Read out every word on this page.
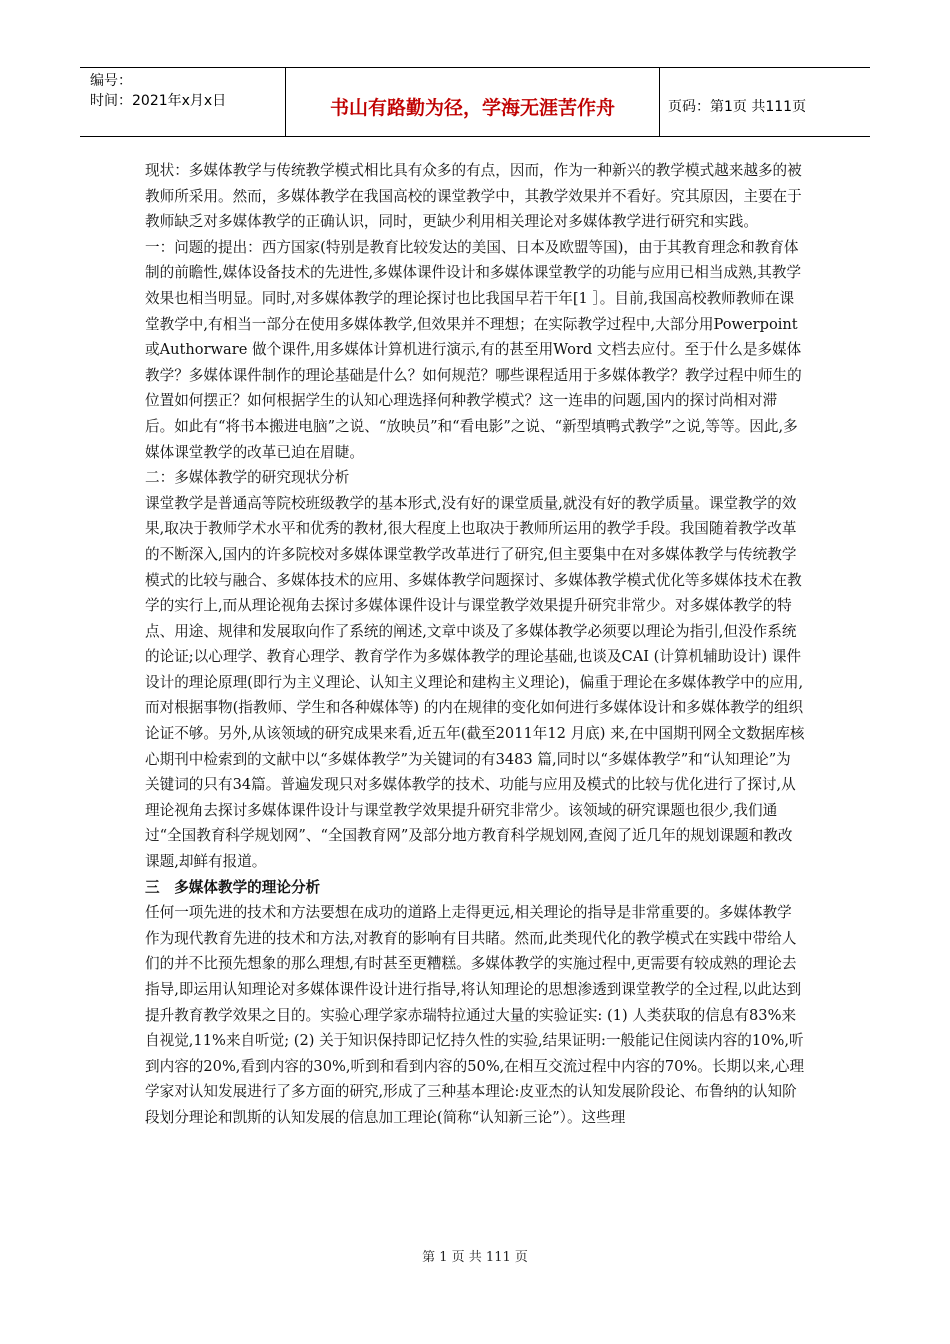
编号：
时间：2021年x月x日	书山有路勤为径，学海无涯苦作舟	页码：第1页 共111页

现状：多媒体教学与传统教学模式相比具有众多的有点，因而，作为一种新兴的教学模式越来越多的被教师所采用。然而，多媒体教学在我国高校的课堂教学中，其教学效果并不看好。究其原因，主要在于教师缺乏对多媒体教学的正确认识，同时，更缺少利用相关理论对多媒体教学进行研究和实践。

一：问题的提出：西方国家(特别是教育比较发达的美国、日本及欧盟等国)，由于其教育理念和教育体制的前瞻性,媒体设备技术的先进性,多媒体课件设计和多媒体课堂教学的功能与应用已相当成熟,其教学效果也相当明显。同时,对多媒体教学的理论探讨也比我国早若干年[1 ］。目前,我国高校教师教师在课堂教学中,有相当一部分在使用多媒体教学,但效果并不理想；在实际教学过程中,大部分用Powerpoint 或Authorware 做个课件,用多媒体计算机进行演示,有的甚至用Word 文档去应付。至于什么是多媒体教学？多媒体课件制作的理论基础是什么？如何规范？哪些课程适用于多媒体教学？教学过程中师生的位置如何摆正？如何根据学生的认知心理选择何种教学模式？这一连串的问题,国内的探讨尚相对滞后。如此有“将书本搬进电脑”之说、“放映员”和“看电影”之说、“新型填鸭式教学”之说,等等。因此,多媒体课堂教学的改革已迫在眉睫。

二：多媒体教学的研究现状分析

课堂教学是普通高等院校班级教学的基本形式,没有好的课堂质量,就没有好的教学质量。课堂教学的效果,取决于教师学术水平和优秀的教材,很大程度上也取决于教师所运用的教学手段。我国随着教学改革的不断深入,国内的许多院校对多媒体课堂教学改革进行了研究,但主要集中在对多媒体教学与传统教学模式的比较与融合、多媒体技术的应用、多媒体教学问题探讨、多媒体教学模式优化等多媒体技术在教学的实行上,而从理论视角去探讨多媒体课件设计与课堂教学效果提升研究非常少。对多媒体教学的特点、用途、规律和发展取向作了系统的阐述,文章中谈及了多媒体教学必须要以理论为指引,但没作系统的论证;以心理学、教育心理学、教育学作为多媒体教学的理论基础,也谈及CAI (计算机辅助设计) 课件设计的理论原理(即行为主义理论、认知主义理论和建构主义理论)，偏重于理论在多媒体教学中的应用,而对根据事物(指教师、学生和各种媒体等) 的内在规律的变化如何进行多媒体设计和多媒体教学的组织论证不够。另外,从该领域的研究成果来看,近五年(截至2011年12 月底) 来,在中国期刊网全文数据库核心期刊中检索到的文献中以“多媒体教学”为关键词的有3483 篇,同时以“多媒体教学”和“认知理论”为关键词的只有34篇。普遍发现只对多媒体教学的技术、功能与应用及模式的比较与优化进行了探讨,从理论视角去探讨多媒体课件设计与课堂教学效果提升研究非常少。该领域的研究课题也很少,我们通过“全国教育科学规划网”、“全国教育网”及部分地方教育科学规划网,查阅了近几年的规划课题和教改课题,却鲜有报道。

三　多媒体教学的理论分析

任何一项先进的技术和方法要想在成功的道路上走得更远,相关理论的指导是非常重要的。多媒体教学作为现代教育先进的技术和方法,对教育的影响有目共睹。然而,此类现代化的教学模式在实践中带给人们的并不比预先想象的那么理想,有时甚至更糟糕。多媒体教学的实施过程中,更需要有较成熟的理论去指导,即运用认知理论对多媒体课件设计进行指导,将认知理论的思想渗透到课堂教学的全过程,以此达到提升教育教学效果之目的。实验心理学家赤瑞特拉通过大量的实验证实: (1) 人类获取的信息有83%来自视觉,11%来自听觉; (2) 关于知识保持即记忆持久性的实验,结果证明:一般能记住阅读内容的10%,听到内容的20%,看到内容的30%,听到和看到内容的50%,在相互交流过程中内容的70%。长期以来,心理学家对认知发展进行了多方面的研究,形成了三种基本理论:皮亚杰的认知发展阶段论、布鲁纳的认知阶段划分理论和凯斯的认知发展的信息加工理论(简称“认知新三论”）。这些理

第 1 页 共 111 页
